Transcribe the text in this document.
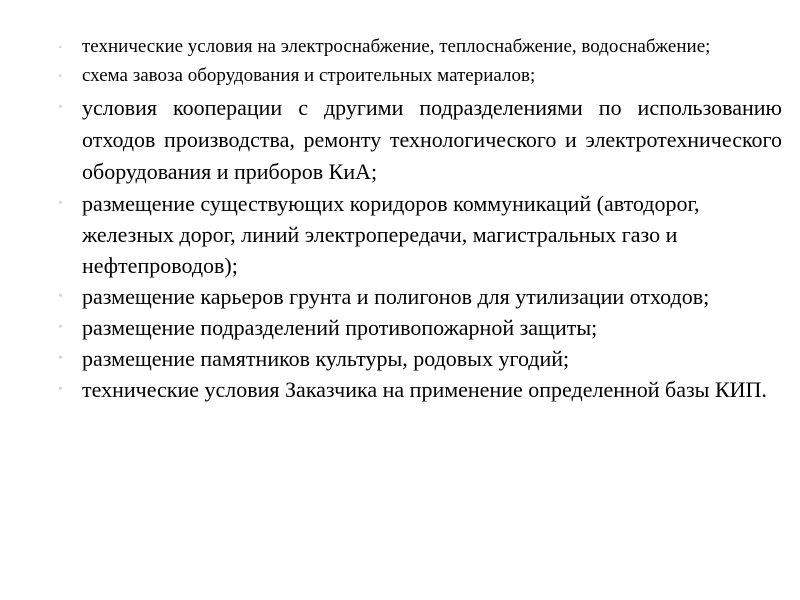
•	технические условия на электроснабжение, теплоснабжение, водоснабжение;
•	схема завоза оборудования и строительных материалов;
• условия кооперации с другими подразделениями по использованию отходов производства, ремонту технологического и электротехнического оборудования и приборов КиА;
• размещение существующих коридоров коммуникаций (автодорог, железных дорог, линий электропередачи, магистральных газо и нефтепроводов);
• размещение карьеров грунта и полигонов для утилизации отходов;
• размещение подразделений противопожарной защиты;
• размещение памятников культуры, родовых угодий;
• технические условия Заказчика на применение определенной базы КИП.
